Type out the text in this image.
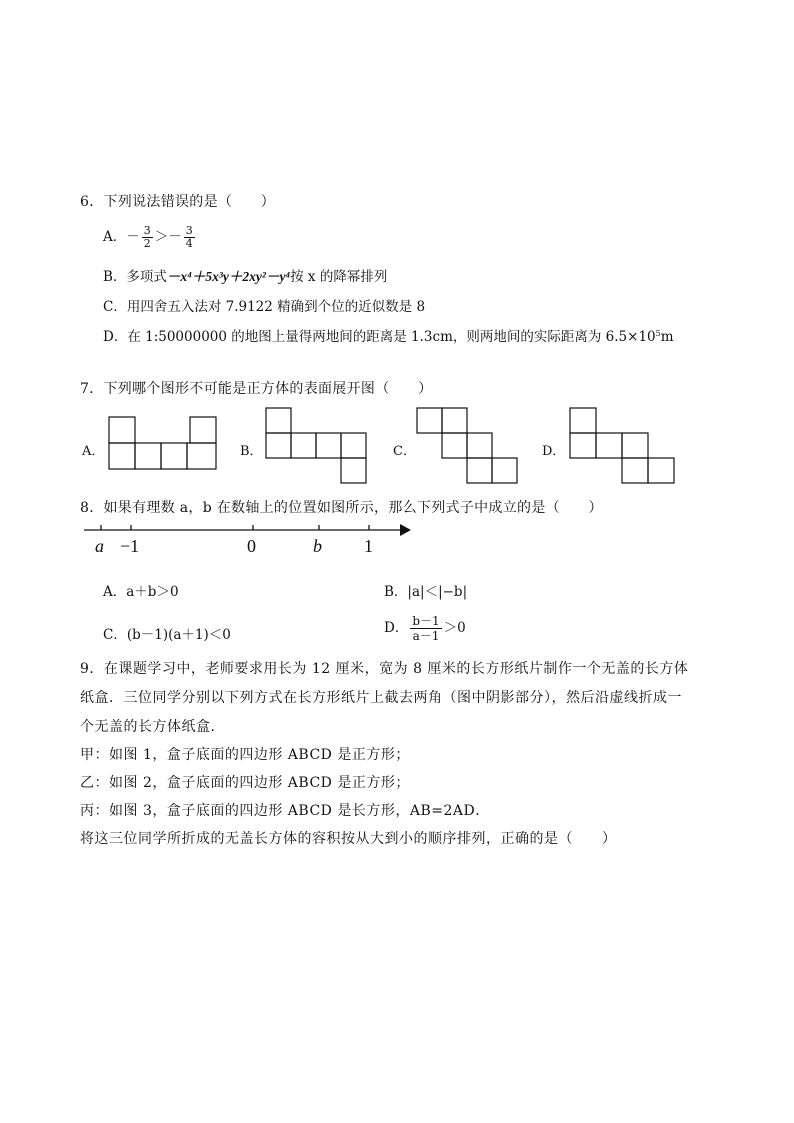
6．下列说法错误的是（　　）
A．－ $\frac{3}{2} >- \frac{3}{4}$
B．多项式－x⁴＋5x³y＋2xy²－y⁴按 x 的降幂排列
C．用四舍五入法对 7.9122 精确到个位的近似数是 8
D．在 1:50000000 的地图上量得两地间的距离是 1.3cm，则两地间的实际距离为 $6.5\times 10^5m$
7．下列哪个图形不可能是正方体的表面展开图（　　）
A．	B．	C．	D．
8．如果有理数 a，b 在数轴上的位置如图所示，那么下列式子中成立的是（　　）
a −1	0	b 1
A．a＋b＞0	B．|a|＜|−b|
C．(b－1)(a＋1)＜0	D． $\frac{b-1}{a-1} >0$
9．在课题学习中，老师要求用长为 12 厘米，宽为 8 厘米的长方形纸片制作一个无盖的长方体
纸盒．三位同学分别以下列方式在长方形纸片上截去两角（图中阴影部分），然后沿虚线折成一
个无盖的长方体纸盒．
甲：如图 1，盒子底面的四边形 ABCD 是正方形；
乙：如图 2，盒子底面的四边形 ABCD 是正方形；
丙：如图 3，盒子底面的四边形 ABCD 是长方形，AB=2AD．
将这三位同学所折成的无盖长方体的容积按从大到小的顺序排列，正确的是（　　）
